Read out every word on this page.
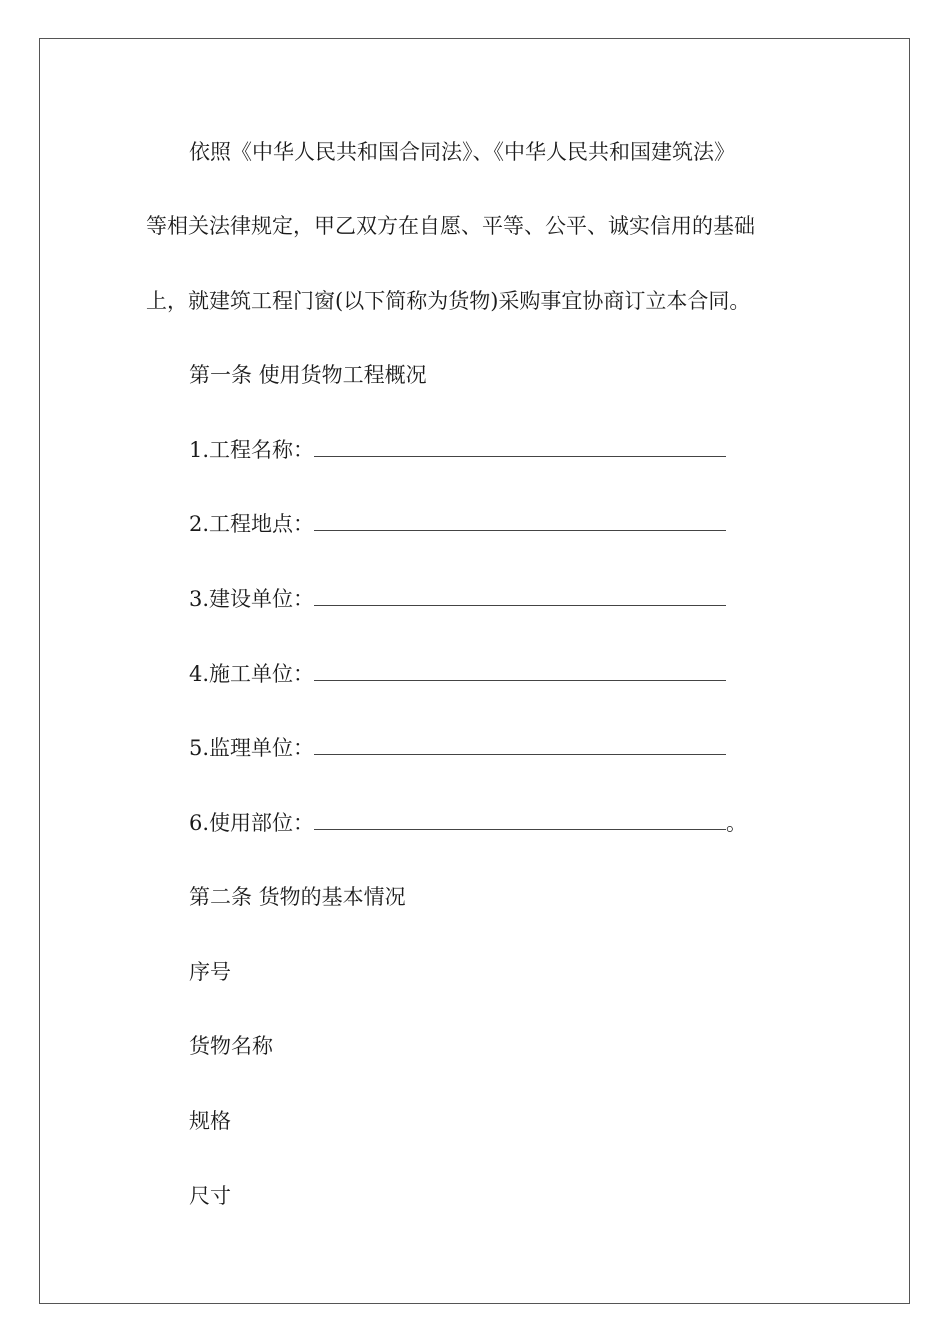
依照《中华人民共和国合同法》、《中华人民共和国建筑法》
等相关法律规定，甲乙双方在自愿、平等、公平、诚实信用的基础
上，就建筑工程门窗(以下简称为货物)采购事宜协商订立本合同。
第一条 使用货物工程概况
1.工程名称：
2.工程地点：
3.建设单位：
4.施工单位：
5.监理单位：
6.使用部位：	。
第二条 货物的基本情况
序号
货物名称
规格
尺寸
